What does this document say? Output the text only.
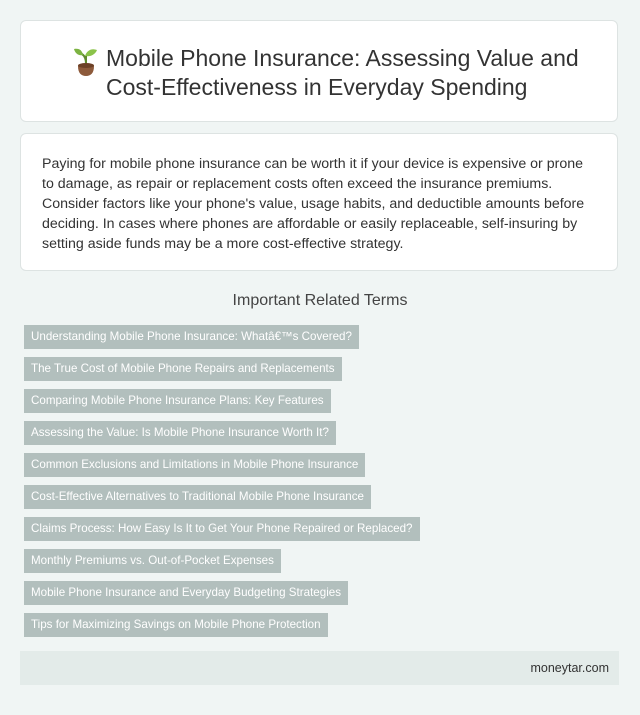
Mobile Phone Insurance: Assessing Value and Cost-Effectiveness in Everyday Spending

Paying for mobile phone insurance can be worth it if your device is expensive or prone to damage, as repair or replacement costs often exceed the insurance premiums. Consider factors like your phone's value, usage habits, and deductible amounts before deciding. In cases where phones are affordable or easily replaceable, self-insuring by setting aside funds may be a more cost-effective strategy.

Important Related Terms
Understanding Mobile Phone Insurance: Whatâ€™s Covered?
The True Cost of Mobile Phone Repairs and Replacements
Comparing Mobile Phone Insurance Plans: Key Features
Assessing the Value: Is Mobile Phone Insurance Worth It?
Common Exclusions and Limitations in Mobile Phone Insurance
Cost-Effective Alternatives to Traditional Mobile Phone Insurance
Claims Process: How Easy Is It to Get Your Phone Repaired or Replaced?
Monthly Premiums vs. Out-of-Pocket Expenses
Mobile Phone Insurance and Everyday Budgeting Strategies
Tips for Maximizing Savings on Mobile Phone Protection
moneytar.com
